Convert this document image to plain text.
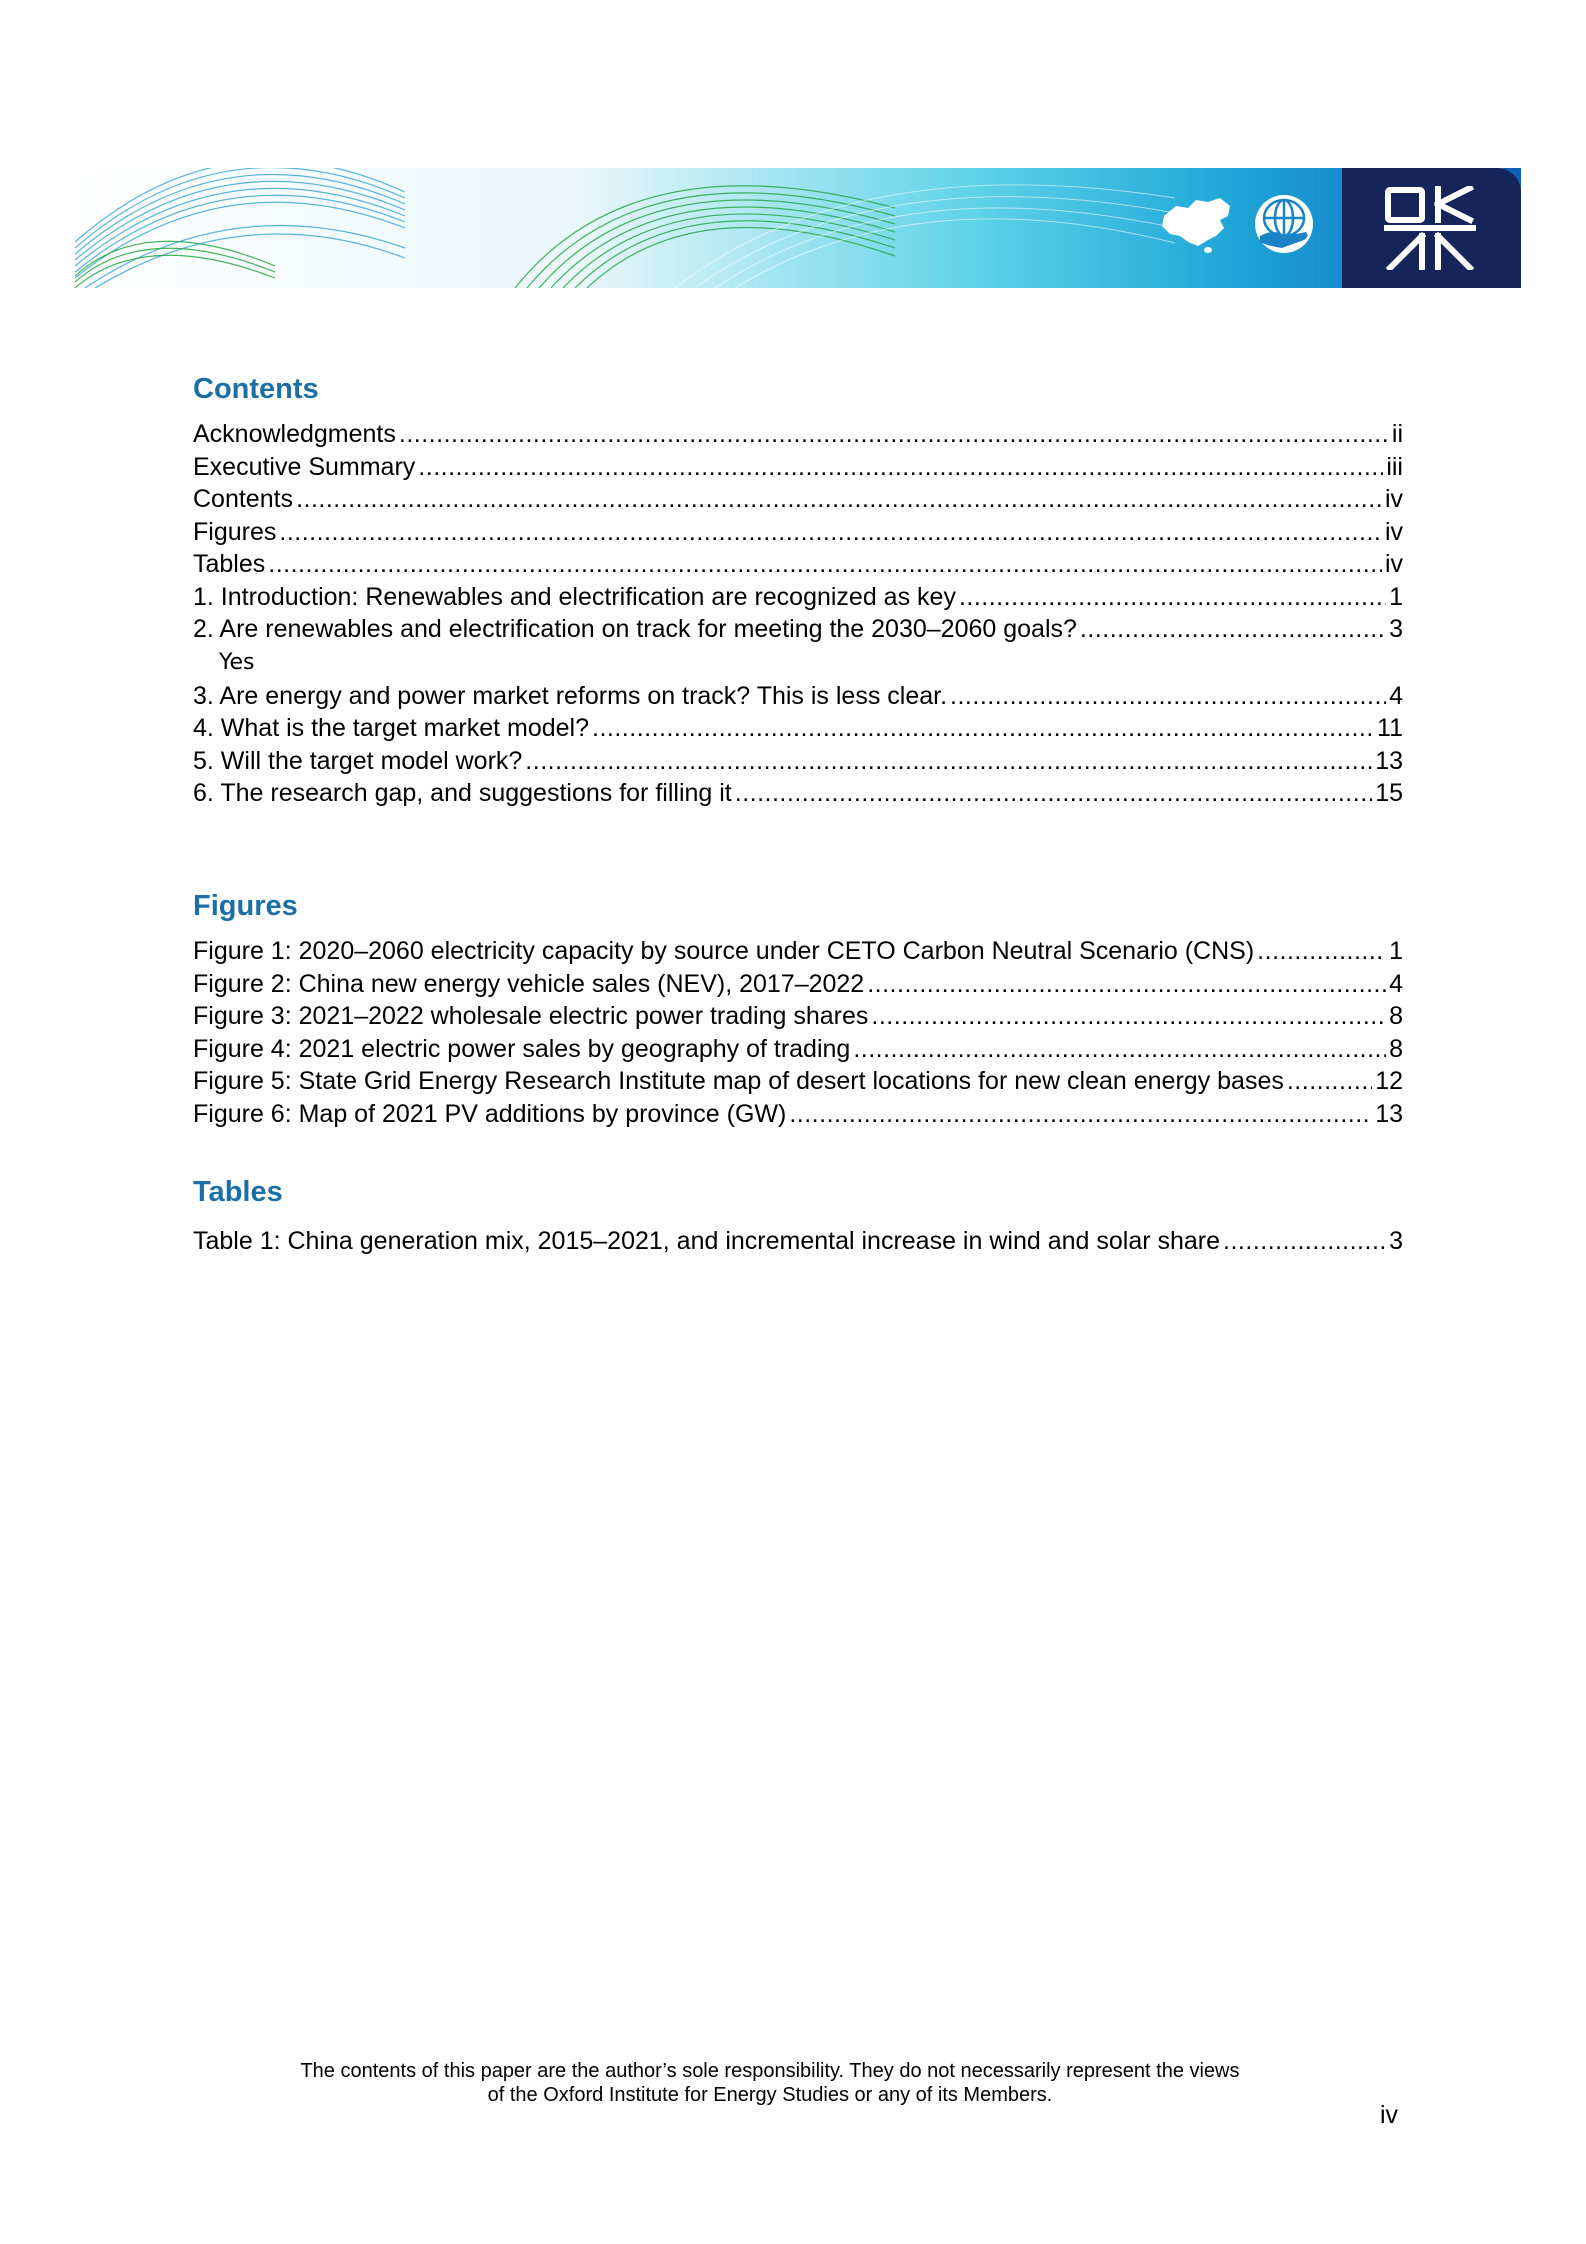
Contents
Acknowledgments .....	ii
Executive Summary .....	iii
Contents .....	iv
Figures .....	iv
Tables .....	iv
1. Introduction: Renewables and electrification are recognized as key .....	1
2. Are renewables and electrification on track for meeting the 2030–2060 goals? .....	3
Yes
3. Are energy and power market reforms on track? This is less clear. .....	4
4. What is the target market model? .....	11
5. Will the target model work? .....	13
6. The research gap, and suggestions for filling it .....	15
Figures
Figure 1: 2020–2060 electricity capacity by source under CETO Carbon Neutral Scenario (CNS) .....	1
Figure 2: China new energy vehicle sales (NEV), 2017–2022 .....	4
Figure 3: 2021–2022 wholesale electric power trading shares .....	8
Figure 4: 2021 electric power sales by geography of trading .....	8
Figure 5: State Grid Energy Research Institute map of desert locations for new clean energy bases .....	12
Figure 6: Map of 2021 PV additions by province (GW) .....	13
Tables
Table 1: China generation mix, 2015–2021, and incremental increase in wind and solar share .....	3
The contents of this paper are the author’s sole responsibility. They do not necessarily represent the views
of the Oxford Institute for Energy Studies or any of its Members.
iv
